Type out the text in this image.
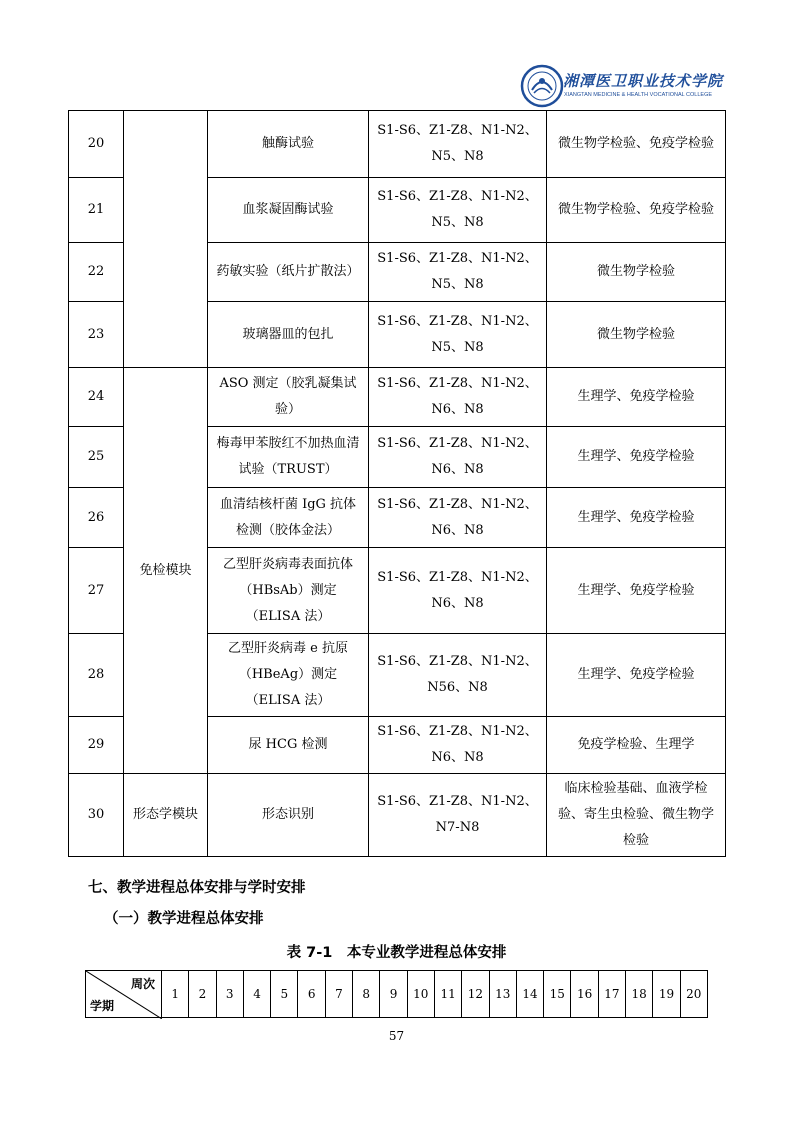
湘潭医卫职业技术学院
XIANGTAN MEDICINE & HEALTH VOCATIONAL COLLEGE
20		触酶试验	S1-S6、Z1-Z8、N1-N2、N5、N8	微生物学检验、免疫学检验
21		血浆凝固酶试验	S1-S6、Z1-Z8、N1-N2、N5、N8	微生物学检验、免疫学检验
22		药敏实验（纸片扩散法）	S1-S6、Z1-Z8、N1-N2、N5、N8	微生物学检验
23		玻璃器皿的包扎	S1-S6、Z1-Z8、N1-N2、N5、N8	微生物学检验
24	免检模块	ASO 测定（胶乳凝集试验）	S1-S6、Z1-Z8、N1-N2、N6、N8	生理学、免疫学检验
25		梅毒甲苯胺红不加热血清试验（TRUST）	S1-S6、Z1-Z8、N1-N2、N6、N8	生理学、免疫学检验
26		血清结核杆菌 IgG 抗体检测（胶体金法）	S1-S6、Z1-Z8、N1-N2、N6、N8	生理学、免疫学检验
27		乙型肝炎病毒表面抗体（HBsAb）测定（ELISA 法）	S1-S6、Z1-Z8、N1-N2、N6、N8	生理学、免疫学检验
28		乙型肝炎病毒 e 抗原（HBeAg）测定（ELISA 法）	S1-S6、Z1-Z8、N1-N2、N56、N8	生理学、免疫学检验
29		尿 HCG 检测	S1-S6、Z1-Z8、N1-N2、N6、N8	免疫学检验、生理学
30	形态学模块	形态识别	S1-S6、Z1-Z8、N1-N2、N7-N8	临床检验基础、血液学检验、寄生虫检验、微生物学检验
七、教学进程总体安排与学时安排
（一）教学进程总体安排
表 7-1　本专业教学进程总体安排
周次
学期
	1	2	3	4	5	6	7	8	9	10	11	12	13	14	15	16	17	18	19	20
57
